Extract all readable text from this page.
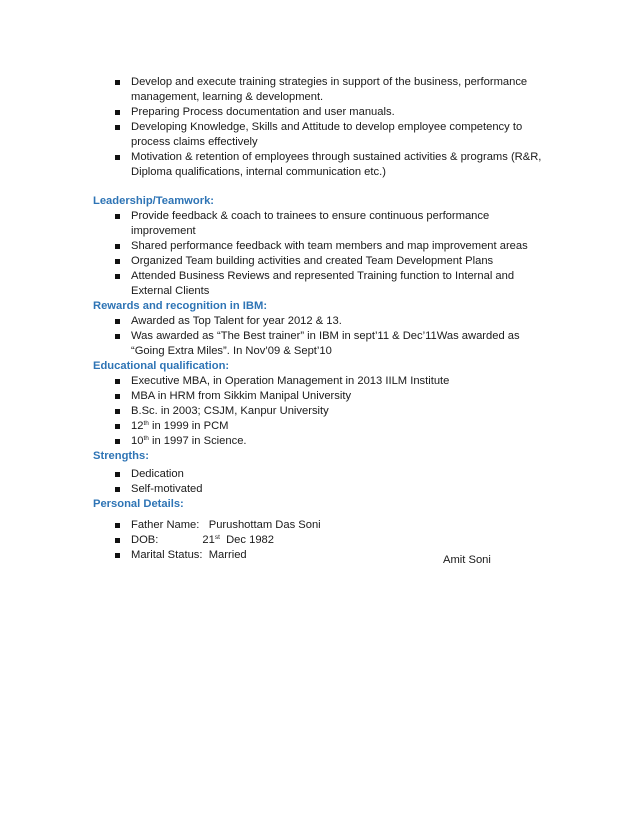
Develop and execute training strategies in support of the business, performance management, learning & development.
Preparing Process documentation and user manuals.
Developing Knowledge, Skills and Attitude to develop employee competency to process claims effectively
Motivation & retention of employees through sustained activities & programs (R&R, Diploma qualifications, internal communication etc.)
Leadership/Teamwork:
Provide feedback & coach to trainees to ensure continuous performance improvement
Shared performance feedback with team members and map improvement areas
Organized Team building activities and created Team Development Plans
Attended Business Reviews and represented Training function to Internal and External Clients
Rewards and recognition in IBM:
Awarded as Top Talent for year 2012 & 13.
Was awarded as “The Best trainer” in IBM in sept’11 & Dec’11Was awarded as “Going Extra Miles”. In Nov’09 & Sept’10
Educational qualification:
Executive MBA, in Operation Management in 2013 IILM Institute
MBA in HRM from Sikkim Manipal University
B.Sc. in 2003; CSJM, Kanpur University
12th in 1999 in PCM
10th in 1997 in Science.
Strengths:
Dedication
Self-motivated
Personal Details:
Father Name: Purushottam Das Soni
DOB:	21st  Dec 1982
Marital Status: Married	Amit Soni
